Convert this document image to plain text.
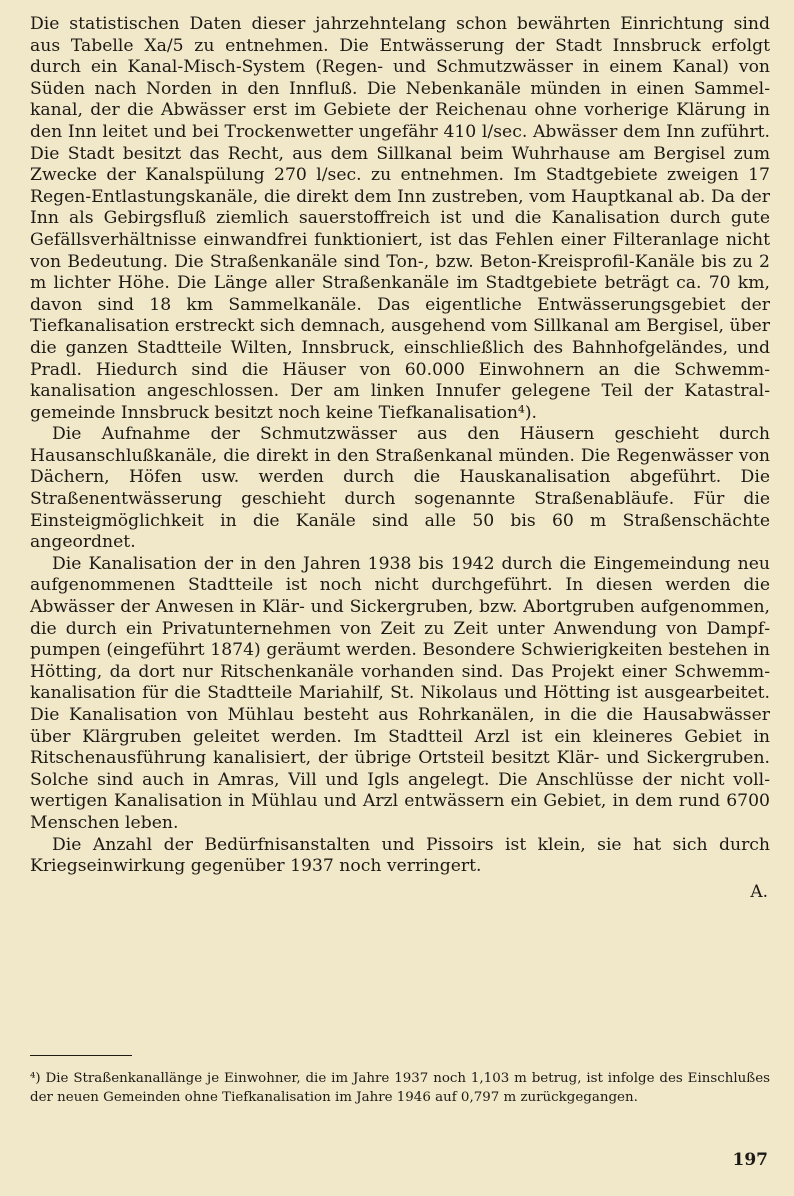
Die statistischen Daten dieser jahrzehntelang schon bewährten Einrichtung sind aus Tabelle Xa/5 zu entnehmen. Die Entwässerung der Stadt Innsbruck erfolgt durch ein Kanal-Misch-System (Regen- und Schmutzwässer in einem Kanal) von Süden nach Norden in den Innfluß. Die Nebenkanäle münden in einen Sammelkanal, der die Abwässer erst im Gebiete der Reichenau ohne vorherige Klärung in den Inn leitet und bei Trockenwetter ungefähr 410 l/sec. Abwässer dem Inn zuführt. Die Stadt besitzt das Recht, aus dem Sillkanal beim Wuhrhause am Bergisel zum Zwecke der Kanalspülung 270 l/sec. zu entnehmen. Im Stadtgebiete zweigen 17 Regen-Entlastungskanäle, die direkt dem Inn zustreben, vom Hauptkanal ab. Da der Inn als Gebirgsfluß ziemlich sauerstoffreich ist und die Kanalisation durch gute Gefällsverhältnisse einwandfrei funktioniert, ist das Fehlen einer Filteranlage nicht von Bedeutung. Die Straßenkanäle sind Ton-, bzw. Beton-Kreisprofil-Kanäle bis zu 2 m lichter Höhe. Die Länge aller Straßenkanäle im Stadtgebiete beträgt ca. 70 km, davon sind 18 km Sammelkanäle. Das eigentliche Entwässerungsgebiet der Tiefkanalisation erstreckt sich demnach, ausgehend vom Sillkanal am Bergisel, über die ganzen Stadtteile Wilten, Innsbruck, einschließlich des Bahnhofgeländes, und Pradl. Hiedurch sind die Häuser von 60.000 Einwohnern an die Schwemmkanalisation angeschlossen. Der am linken Innufer gelegene Teil der Katastralgemeinde Innsbruck besitzt noch keine Tiefkanalisation⁴).

Die Aufnahme der Schmutzwässer aus den Häusern geschieht durch Hausanschlußkanäle, die direkt in den Straßenkanal münden. Die Regenwässer von Dächern, Höfen usw. werden durch die Hauskanalisation abgeführt. Die Straßenentwässerung geschieht durch sogenannte Straßenabläufe. Für die Einsteigmöglichkeit in die Kanäle sind alle 50 bis 60 m Straßenschächte angeordnet.

Die Kanalisation der in den Jahren 1938 bis 1942 durch die Eingemeindung neu aufgenommenen Stadtteile ist noch nicht durchgeführt. In diesen werden die Abwässer der Anwesen in Klär- und Sickergruben, bzw. Abortgruben aufgenommen, die durch ein Privatunternehmen von Zeit zu Zeit unter Anwendung von Dampfpumpen (eingeführt 1874) geräumt werden. Besondere Schwierigkeiten bestehen in Hötting, da dort nur Ritschenkanäle vorhanden sind. Das Projekt einer Schwemmkanalisation für die Stadtteile Mariahilf, St. Nikolaus und Hötting ist ausgearbeitet. Die Kanalisation von Mühlau besteht aus Rohrkanälen, in die die Hausabwässer über Klärgruben geleitet werden. Im Stadtteil Arzl ist ein kleineres Gebiet in Ritschenausführung kanalisiert, der übrige Ortsteil besitzt Klär- und Sickergruben. Solche sind auch in Amras, Vill und Igls angelegt. Die Anschlüsse der nicht vollwertigen Kanalisation in Mühlau und Arzl entwässern ein Gebiet, in dem rund 6700 Menschen leben.

Die Anzahl der Bedürfnisanstalten und Pissoirs ist klein, sie hat sich durch Kriegseinwirkung gegenüber 1937 noch verringert.

A.

⁴) Die Straßenkanallänge je Einwohner, die im Jahre 1937 noch 1,103 m betrug, ist infolge des Einschlußes der neuen Gemeinden ohne Tiefkanalisation im Jahre 1946 auf 0,797 m zurückgegangen.

197
